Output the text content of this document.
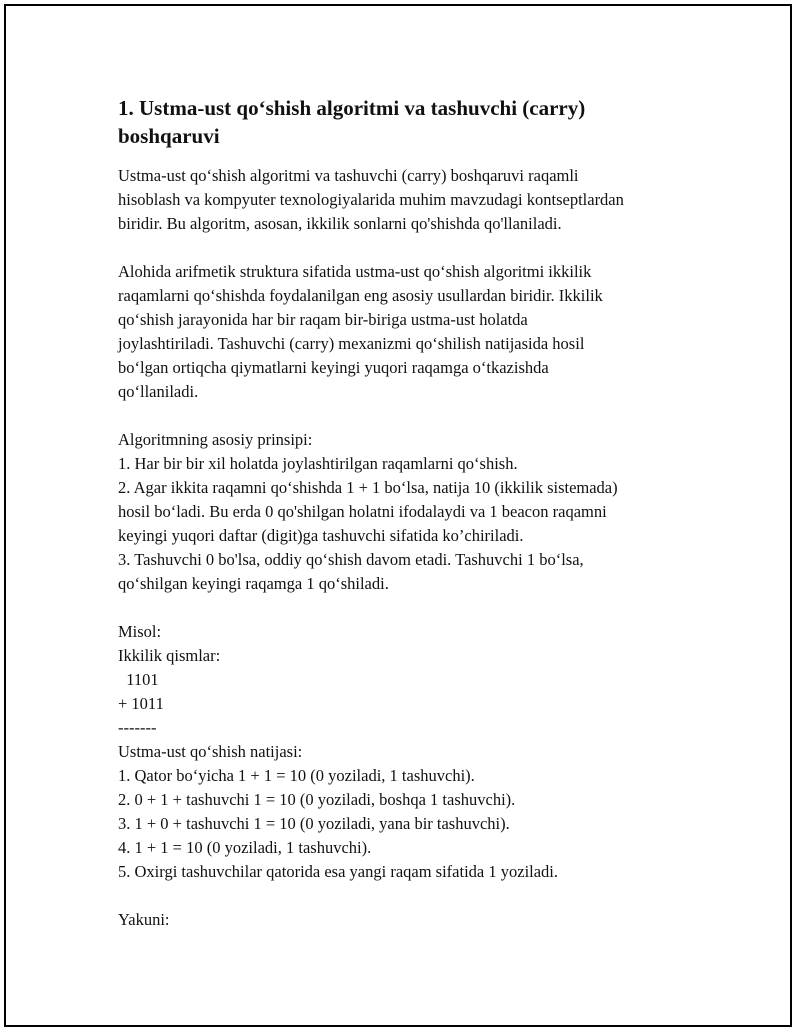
1. Ustma-ust qo‘shish algoritmi va tashuvchi (carry)
boshqaruvi
Ustma-ust qo‘shish algoritmi va tashuvchi (carry) boshqaruvi raqamli
hisoblash va kompyuter texnologiyalarida muhim mavzudagi kontseptlardan
biridir. Bu algoritm, asosan, ikkilik sonlarni qo'shishda qo'llaniladi.
Alohida arifmetik struktura sifatida ustma-ust qo‘shish algoritmi ikkilik
raqamlarni qo‘shishda foydalanilgan eng asosiy usullardan biridir. Ikkilik
qo‘shish jarayonida har bir raqam bir-biriga ustma-ust holatda
joylashtiriladi. Tashuvchi (carry) mexanizmi qo‘shilish natijasida hosil
bo‘lgan ortiqcha qiymatlarni keyingi yuqori raqamga o‘tkazishda
qo‘llaniladi.
Algoritmning asosiy prinsipi:
1. Har bir bir xil holatda joylashtirilgan raqamlarni qo‘shish.
2. Agar ikkita raqamni qo‘shishda 1 + 1 bo‘lsa, natija 10 (ikkilik sistemada)
hosil bo‘ladi. Bu erda 0 qo'shilgan holatni ifodalaydi va 1 beacon raqamni
keyingi yuqori daftar (digit)ga tashuvchi sifatida ko’chiriladi.
3. Tashuvchi 0 bo'lsa, oddiy qo‘shish davom etadi. Tashuvchi 1 bo‘lsa,
qo‘shilgan keyingi raqamga 1 qo‘shiladi.
Misol:
Ikkilik qismlar:
1101
+ 1011
-------
Ustma-ust qo‘shish natijasi:
1. Qator bo‘yicha 1 + 1 = 10 (0 yoziladi, 1 tashuvchi).
2. 0 + 1 + tashuvchi 1 = 10 (0 yoziladi, boshqa 1 tashuvchi).
3. 1 + 0 + tashuvchi 1 = 10 (0 yoziladi, yana bir tashuvchi).
4. 1 + 1 = 10 (0 yoziladi, 1 tashuvchi).
5. Oxirgi tashuvchilar qatorida esa yangi raqam sifatida 1 yoziladi.
Yakuni:
